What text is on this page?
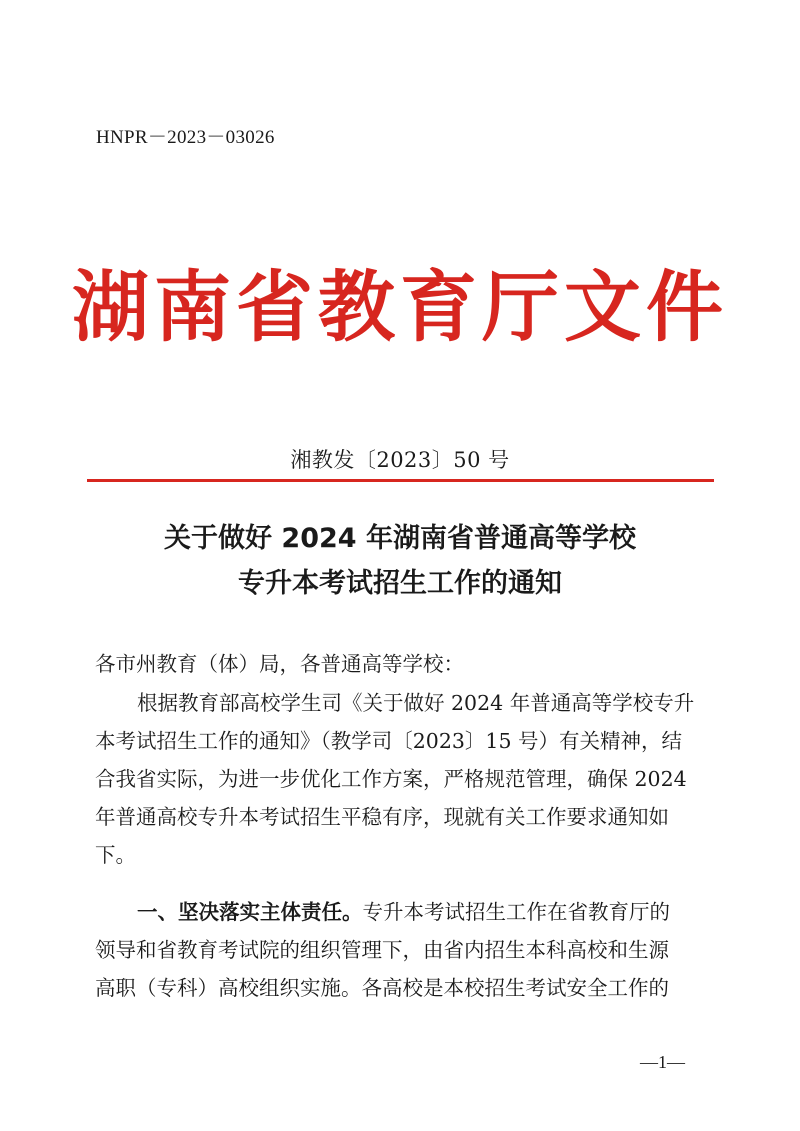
HNPR－2023－03026
湖南省教育厅文件
湘教发〔2023〕50 号
关于做好 2024 年湖南省普通高等学校
专升本考试招生工作的通知
各市州教育（体）局，各普通高等学校：
根据教育部高校学生司《关于做好 2024 年普通高等学校专升
本考试招生工作的通知》（教学司〔2023〕15 号）有关精神，结
合我省实际，为进一步优化工作方案，严格规范管理，确保 2024
年普通高校专升本考试招生平稳有序，现就有关工作要求通知如
下。
一、坚决落实主体责任。专升本考试招生工作在省教育厅的
领导和省教育考试院的组织管理下，由省内招生本科高校和生源
高职（专科）高校组织实施。各高校是本校招生考试安全工作的
—1—
